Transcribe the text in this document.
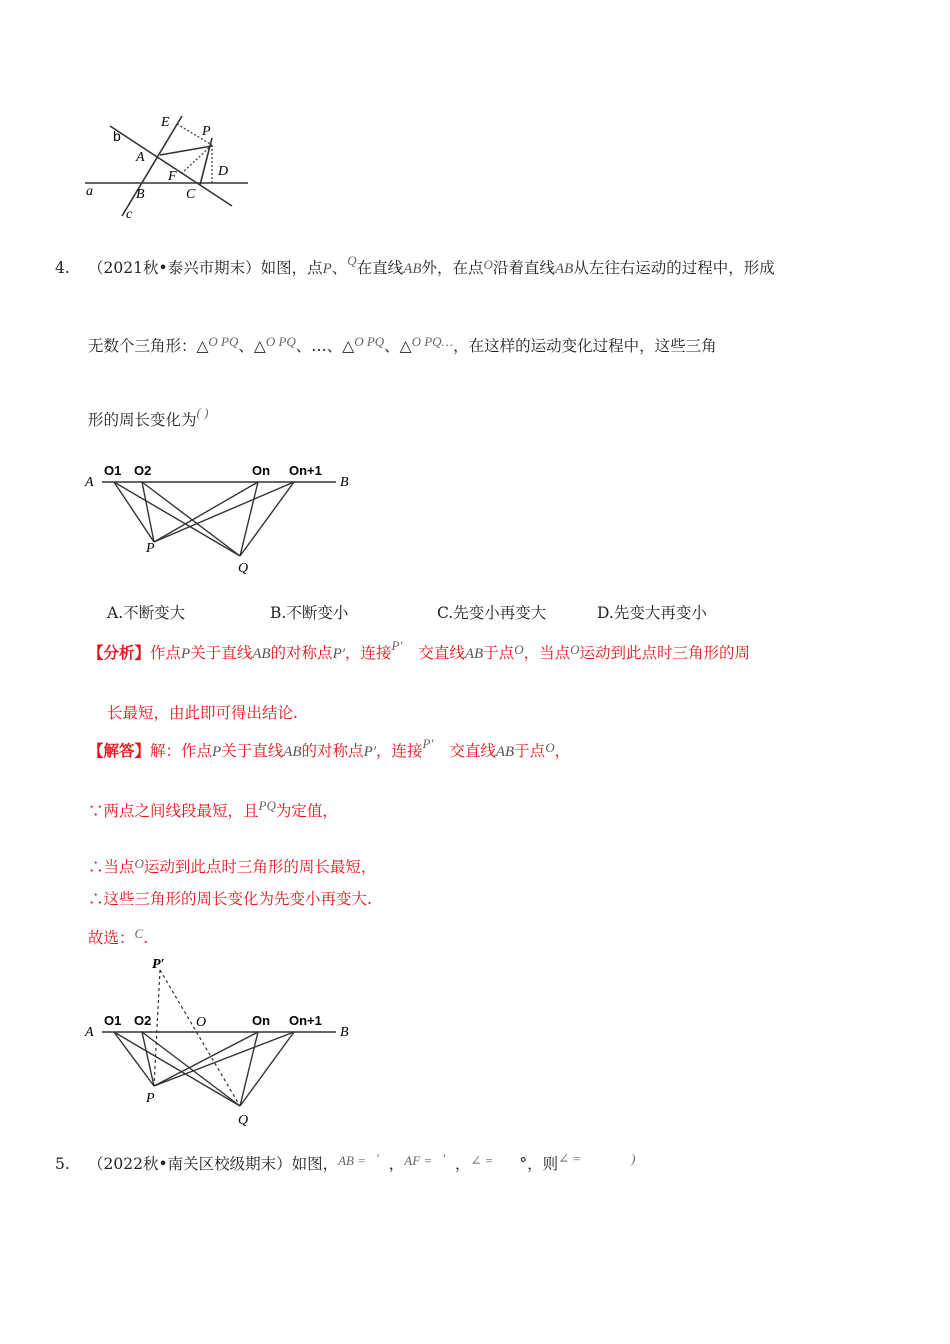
E
P
b
A
D
F
C
a	B
c
4. （2021秋•泰兴市期末）如图，点P、$^Q$在直线AB外，在点$^O$沿着直线AB从左往右运动的过程中，形成
无数个三角形：△$^{O PQ}$、△$^{O PQ}$、…、△$^{O PQ}$、△$^{O PQ\dots}$，在这样的运动变化过程中，这些三角
形的周长变化为( )
A
O1 O2	On On+1
B
P
Q
A.不断变大	B.不断变小	C.先变小再变大	D.先变大再变小
【分析】作点P关于直线AB的对称点P′，连接$^{P'}$ 交直线AB于点$^O$，当点$^O$运动到此点时三角形的周
长最短，由此即可得出结论.
【解答】解：作点P关于直线AB的对称点P′，连接$^{P'}$ 交直线AB于点$^O$，
∵两点之间线段最短，且$^{PQ}$为定值，
∴当点$^O$运动到此点时三角形的周长最短，
∴这些三角形的周长变化为先变小再变大.
故选：$^C$.
P′
A
O1 O2	O	On On+1
B
P
Q
5. （2022秋•南关区校级期末）如图，$^{AB =}$ ' ，$^{AF =}$ ' ，∠ = °，则∠ =	)
